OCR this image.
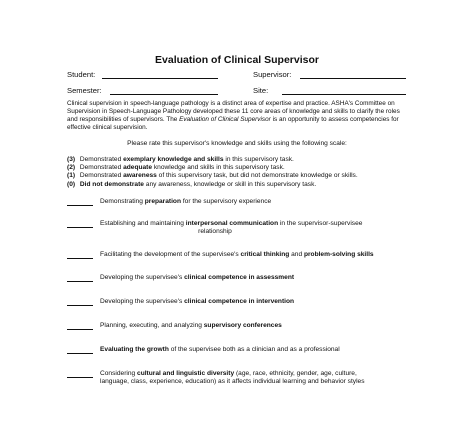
Evaluation of Clinical Supervisor
Student:	Supervisor:
Semester:	Site:
Clinical supervision in speech-language pathology is a distinct area of expertise and practice. ASHA's Committee on Supervision in Speech-Language Pathology developed these 11 core areas of knowledge and skills to clarify the roles and responsibilities of supervisors. The Evaluation of Clinical Supervisor is an opportunity to assess competencies for effective clinical supervision.
Please rate this supervisor's knowledge and skills using the following scale:
(3) Demonstrated exemplary knowledge and skills in this supervisory task.
(2) Demonstrated adequate knowledge and skills in this supervisory task.
(1) Demonstrated awareness of this supervisory task, but did not demonstrate knowledge or skills.
(0) Did not demonstrate any awareness, knowledge or skill in this supervisory task.
Demonstrating preparation for the supervisory experience
Establishing and maintaining interpersonal communication in the supervisor-supervisee
relationship
Facilitating the development of the supervisee's critical thinking and problem-solving skills
Developing the supervisee's clinical competence in assessment
Developing the supervisee's clinical competence in intervention
Planning, executing, and analyzing supervisory conferences
Evaluating the growth of the supervisee both as a clinician and as a professional
Considering cultural and linguistic diversity (age, race, ethnicity, gender, age, culture,
language, class, experience, education) as it affects individual learning and behavior styles
